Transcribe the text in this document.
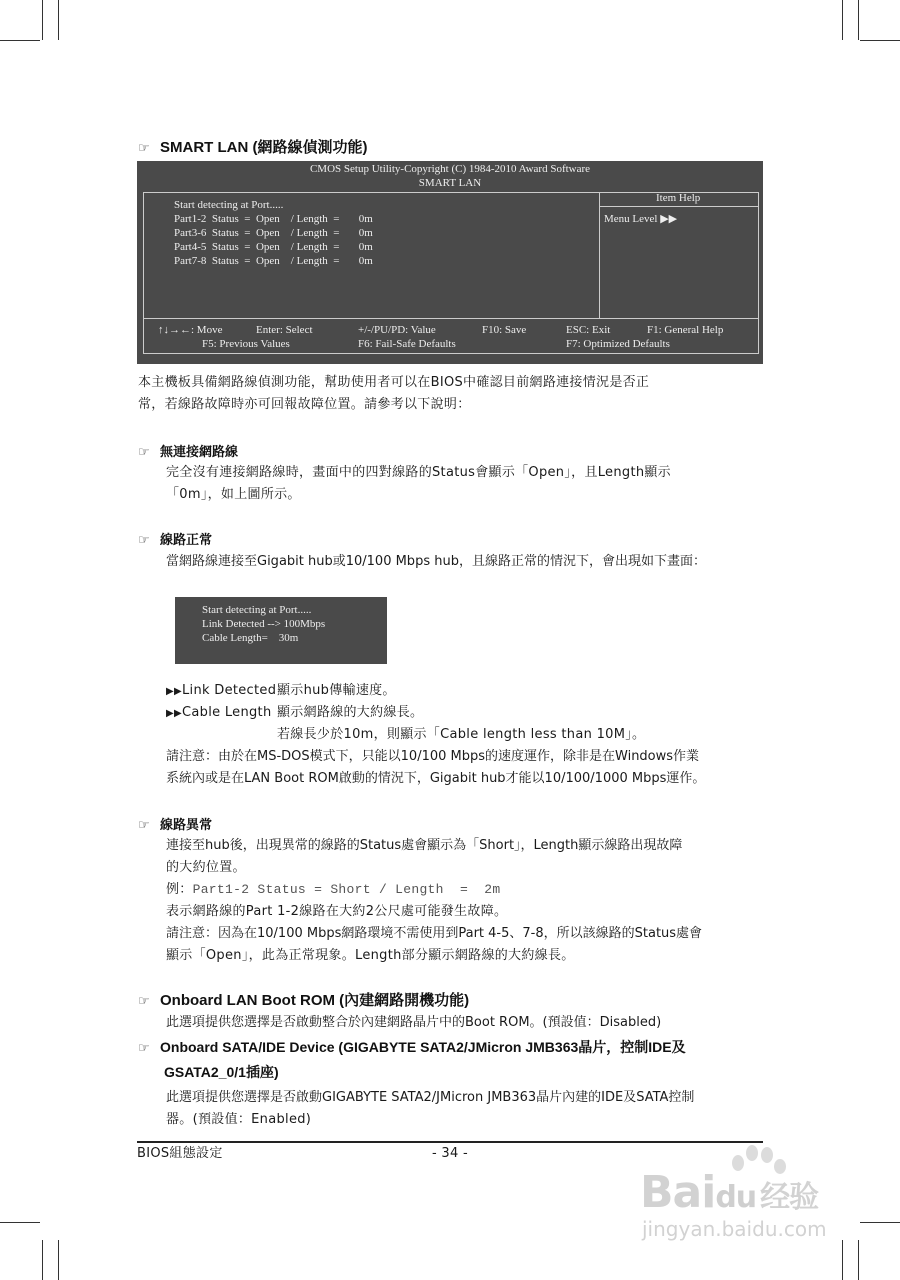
☞ SMART LAN (網路線偵測功能)
CMOS Setup Utility-Copyright (C) 1984-2010 Award Software
SMART LAN
Start detecting at Port.....
Part1-2  Status  =  Open    / Length  =       0m
Part3-6  Status  =  Open    / Length  =       0m
Part4-5  Status  =  Open    / Length  =       0m
Part7-8  Status  =  Open    / Length  =       0m
Item Help
Menu Level ▶▶
↑↓→←: Move	Enter: Select	+/-/PU/PD: Value	F10: Save	ESC: Exit	F1: General Help
F5: Previous Values	F6: Fail-Safe Defaults	F7: Optimized Defaults
本主機板具備網路線偵測功能，幫助使用者可以在BIOS中確認目前網路連接情況是否正
常，若線路故障時亦可回報故障位置。請參考以下說明：
☞ 無連接網路線
完全沒有連接網路線時，畫面中的四對線路的Status會顯示「Open」，且Length顯示
「0m」，如上圖所示。
☞ 線路正常
當網路線連接至Gigabit hub或10/100 Mbps hub，且線路正常的情況下，會出現如下畫面：
Start detecting at Port.....
Link Detected --> 100Mbps
Cable Length=    30m
▶▶Link Detected 顯示hub傳輸速度。
▶▶Cable Length 顯示網路線的大約線長。
若線長少於10m，則顯示「Cable length less than 10M」。
請注意：由於在MS-DOS模式下，只能以10/100 Mbps的速度運作，除非是在Windows作業
系統內或是在LAN Boot ROM啟動的情況下，Gigabit hub才能以10/100/1000 Mbps運作。
☞ 線路異常
連接至hub後，出現異常的線路的Status處會顯示為「Short」，Length顯示線路出現故障
的大約位置。
例：Part1-2 Status = Short / Length  =  2m
表示網路線的Part 1-2線路在大約2公尺處可能發生故障。
請注意：因為在10/100 Mbps網路環境不需使用到Part 4-5、7-8，所以該線路的Status處會
顯示「Open」，此為正常現象。Length部分顯示網路線的大約線長。
☞ Onboard LAN Boot ROM (內建網路開機功能)
此選項提供您選擇是否啟動整合於內建網路晶片中的Boot ROM。(預設值：Disabled)
☞ Onboard SATA/IDE Device (GIGABYTE SATA2/JMicron JMB363晶片，控制IDE及
GSATA2_0/1插座)
此選項提供您選擇是否啟動GIGABYTE SATA2/JMicron JMB363晶片內建的IDE及SATA控制
器。(預設值：Enabled)
BIOS組態設定	- 34 -
Baidu 经验
jingyan.baidu.com
